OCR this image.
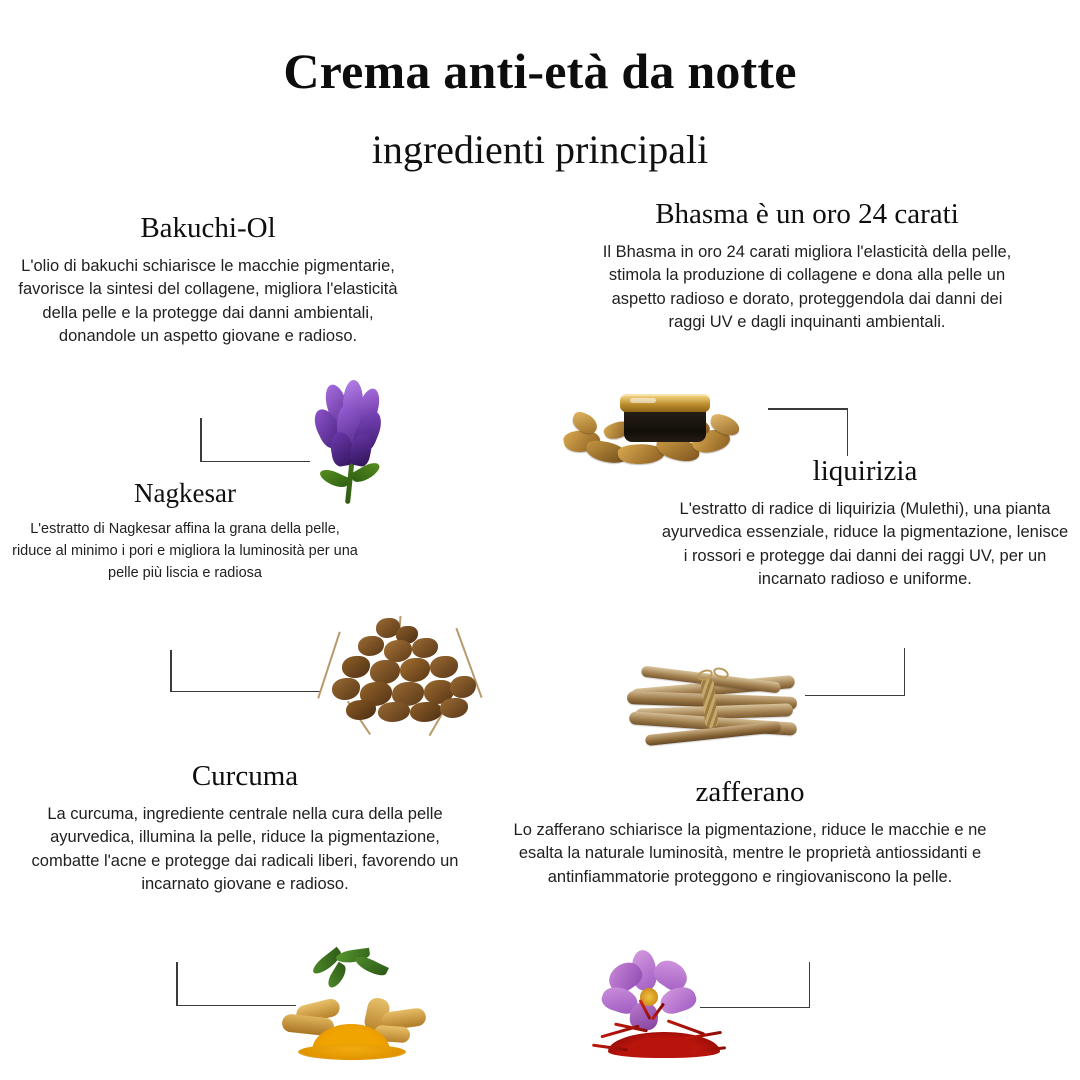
Crema anti-età da notte
ingredienti principali
Bakuchi-Ol

L'olio di bakuchi schiarisce le macchie pigmentarie, favorisce la sintesi del collagene, migliora l'elasticità della pelle e la protegge dai danni ambientali, donandole un aspetto giovane e radioso.

Bhasma è un oro 24 carati

Il Bhasma in oro 24 carati migliora l'elasticità della pelle, stimola la produzione di collagene e dona alla pelle un aspetto radioso e dorato, proteggendola dai danni dei raggi UV e dagli inquinanti ambientali.

Nagkesar

L'estratto di Nagkesar affina la grana della pelle, riduce al minimo i pori e migliora la luminosità per una pelle più liscia e radiosa

liquirizia

L'estratto di radice di liquirizia (Mulethi), una pianta ayurvedica essenziale, riduce la pigmentazione, lenisce i rossori e protegge dai danni dei raggi UV, per un incarnato radioso e uniforme.

Curcuma

La curcuma, ingrediente centrale nella cura della pelle ayurvedica, illumina la pelle, riduce la pigmentazione, combatte l'acne e protegge dai radicali liberi, favorendo un incarnato giovane e radioso.

zafferano

Lo zafferano schiarisce la pigmentazione, riduce le macchie e ne esalta la naturale luminosità, mentre le proprietà antiossidanti e antinfiammatorie proteggono e ringiovaniscono la pelle.
